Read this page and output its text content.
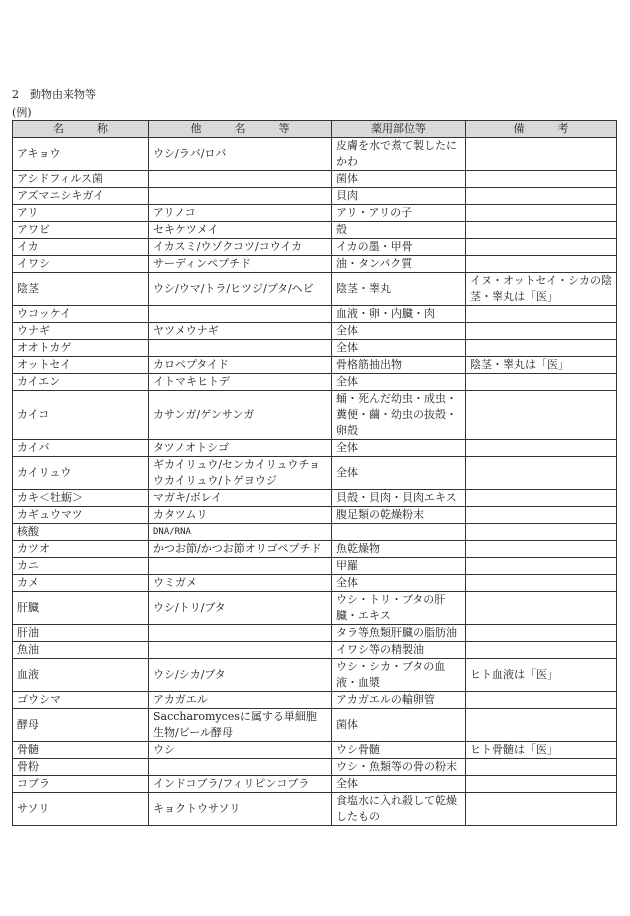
2　動物由来物等
(例)
名　　　称	他　　　名　　　等	薬用部位等	備　　　考
アキョウ	ウシ/ラバ/ロバ	皮膚を水で煮て製したにかわ	
アシドフィルス菌		菌体	
アズマニシキガイ		貝肉	
アリ	アリノコ	アリ・アリの子	
アワビ	セキケツメイ	殻	
イカ	イカスミ/ウゾクコツ/コウイカ	イカの墨・甲骨	
イワシ	サーディンペプチド	油・タンパク質	
陰茎	ウシ/ウマ/トラ/ヒツジ/ブタ/ヘビ	陰茎・睾丸	イヌ・オットセイ・シカの陰茎・睾丸は「医」
ウコッケイ		血液・卵・内臓・肉	
ウナギ	ヤツメウナギ	全体	
オオトカゲ		全体	
オットセイ	カロペプタイド	骨格筋抽出物	陰茎・睾丸は「医」
カイエン	イトマキヒトデ	全体	
カイコ	カサンガ/ゲンサンガ	蛹・死んだ幼虫・成虫・糞便・繭・幼虫の抜殻・卵殻	
カイバ	タツノオトシゴ	全体	
カイリュウ	ギカイリュウ/センカイリュウチョウカイリュウ/トゲヨウジ	全体	
カキ＜牡蛎＞	マガキ/ボレイ	貝殻・貝肉・貝肉エキス	
カギュウマツ	カタツムリ	腹足類の乾燥粉末	
核酸	DNA/RNA		
カツオ	かつお節/かつお節オリゴペプチド	魚乾燥物	
カニ		甲羅	
カメ	ウミガメ	全体	
肝臓	ウシ/トリ/ブタ	ウシ・トリ・ブタの肝臓・エキス	
肝油		タラ等魚類肝臓の脂肪油	
魚油		イワシ等の精製油	
血液	ウシ/シカ/ブタ	ウシ・シカ・ブタの血液・血漿	ヒト血液は「医」
ゴウシマ	アカガエル	アカガエルの輸卵管	
酵母	Saccharomycesに属する単細胞生物/ビール酵母	菌体	
骨髄	ウシ	ウシ骨髄	ヒト骨髄は「医」
骨粉		ウシ・魚類等の骨の粉末	
コブラ	インドコブラ/フィリピンコブラ	全体	
サソリ	キョクトウサソリ	食塩水に入れ殺して乾燥したもの	
